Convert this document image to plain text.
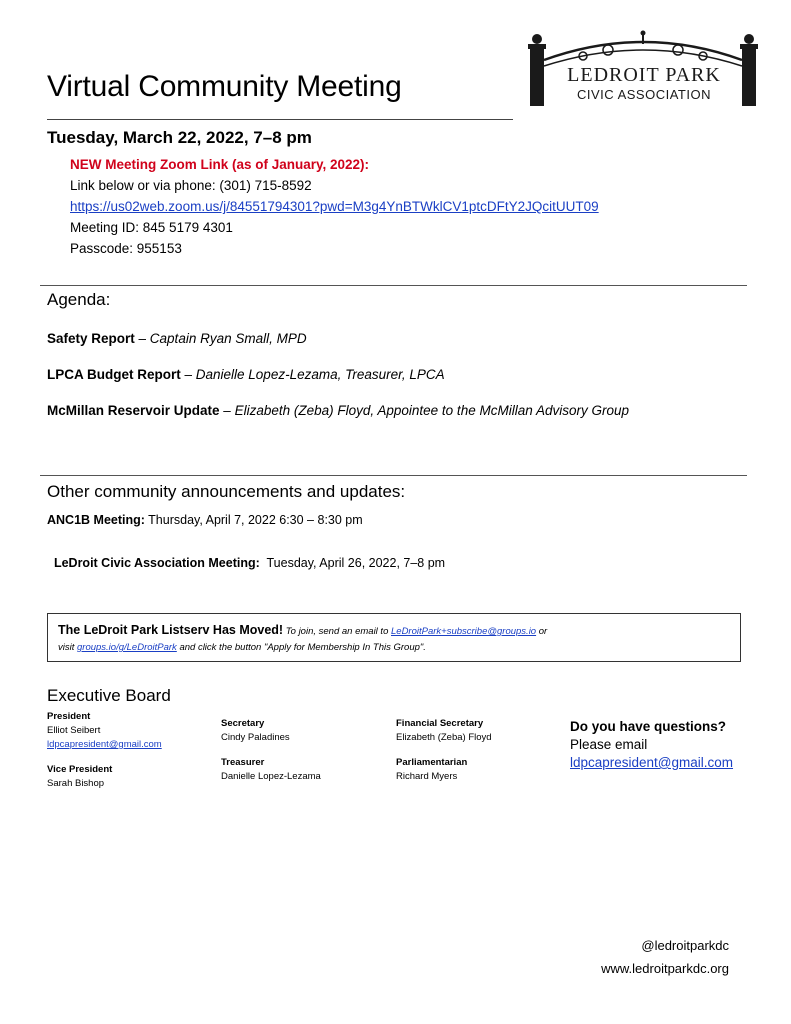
LEDROIT PARK
CIVIC ASSOCIATION
Virtual Community Meeting
Tuesday, March 22, 2022, 7–8 pm
NEW Meeting Zoom Link (as of January, 2022):
Link below or via phone: (301) 715-8592
https://us02web.zoom.us/j/84551794301?pwd=M3g4YnBTWklCV1ptcDFtY2JQcitUUT09
Meeting ID: 845 5179 4301
Passcode: 955153
Agenda:
Safety Report – Captain Ryan Small, MPD
LPCA Budget Report – Danielle Lopez-Lezama, Treasurer, LPCA
McMillan Reservoir Update – Elizabeth (Zeba) Floyd, Appointee to the McMillan Advisory Group
Other community announcements and updates:
ANC1B Meeting: Thursday, April 7, 2022 6:30 – 8:30 pm

LeDroit Civic Association Meeting:  Tuesday, April 26, 2022, 7–8 pm

The LeDroit Park Listserv Has Moved! To join, send an email to LeDroitPark+subscribe@groups.io or
visit groups.io/g/LeDroitPark and click the button "Apply for Membership In This Group".
Executive Board
President
Elliot Seibert
ldpcapresident@gmail.com
Vice President
Sarah Bishop
Secretary
Cindy Paladines
Treasurer
Danielle Lopez-Lezama
Financial Secretary
Elizabeth (Zeba) Floyd
Parliamentarian
Richard Myers
Do you have questions?
Please email
ldpcapresident@gmail.com
@ledroitparkdc
www.ledroitparkdc.org
